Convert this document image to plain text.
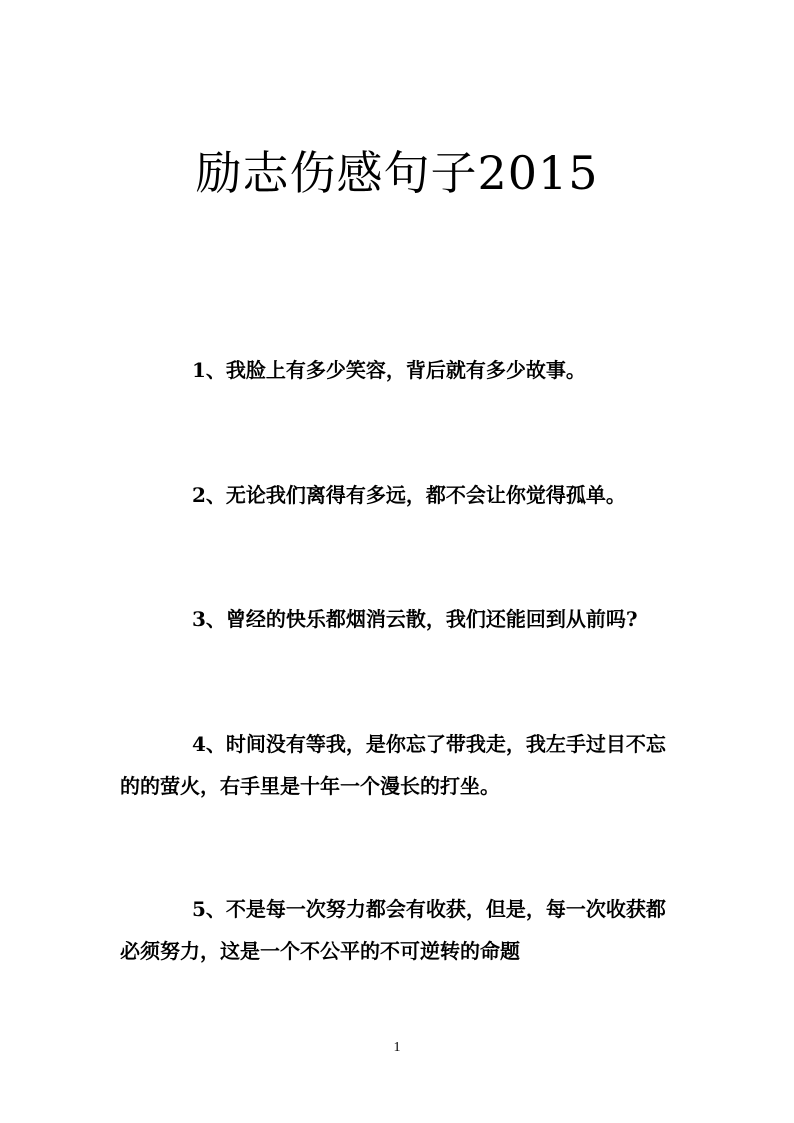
励志伤感句子2015

1、我脸上有多少笑容，背后就有多少故事。

2、无论我们离得有多远，都不会让你觉得孤单。

3、曾经的快乐都烟消云散，我们还能回到从前吗?

4、时间没有等我，是你忘了带我走，我左手过目不忘的的萤火，右手里是十年一个漫长的打坐。

5、不是每一次努力都会有收获，但是，每一次收获都必须努力，这是一个不公平的不可逆转的命题

1
